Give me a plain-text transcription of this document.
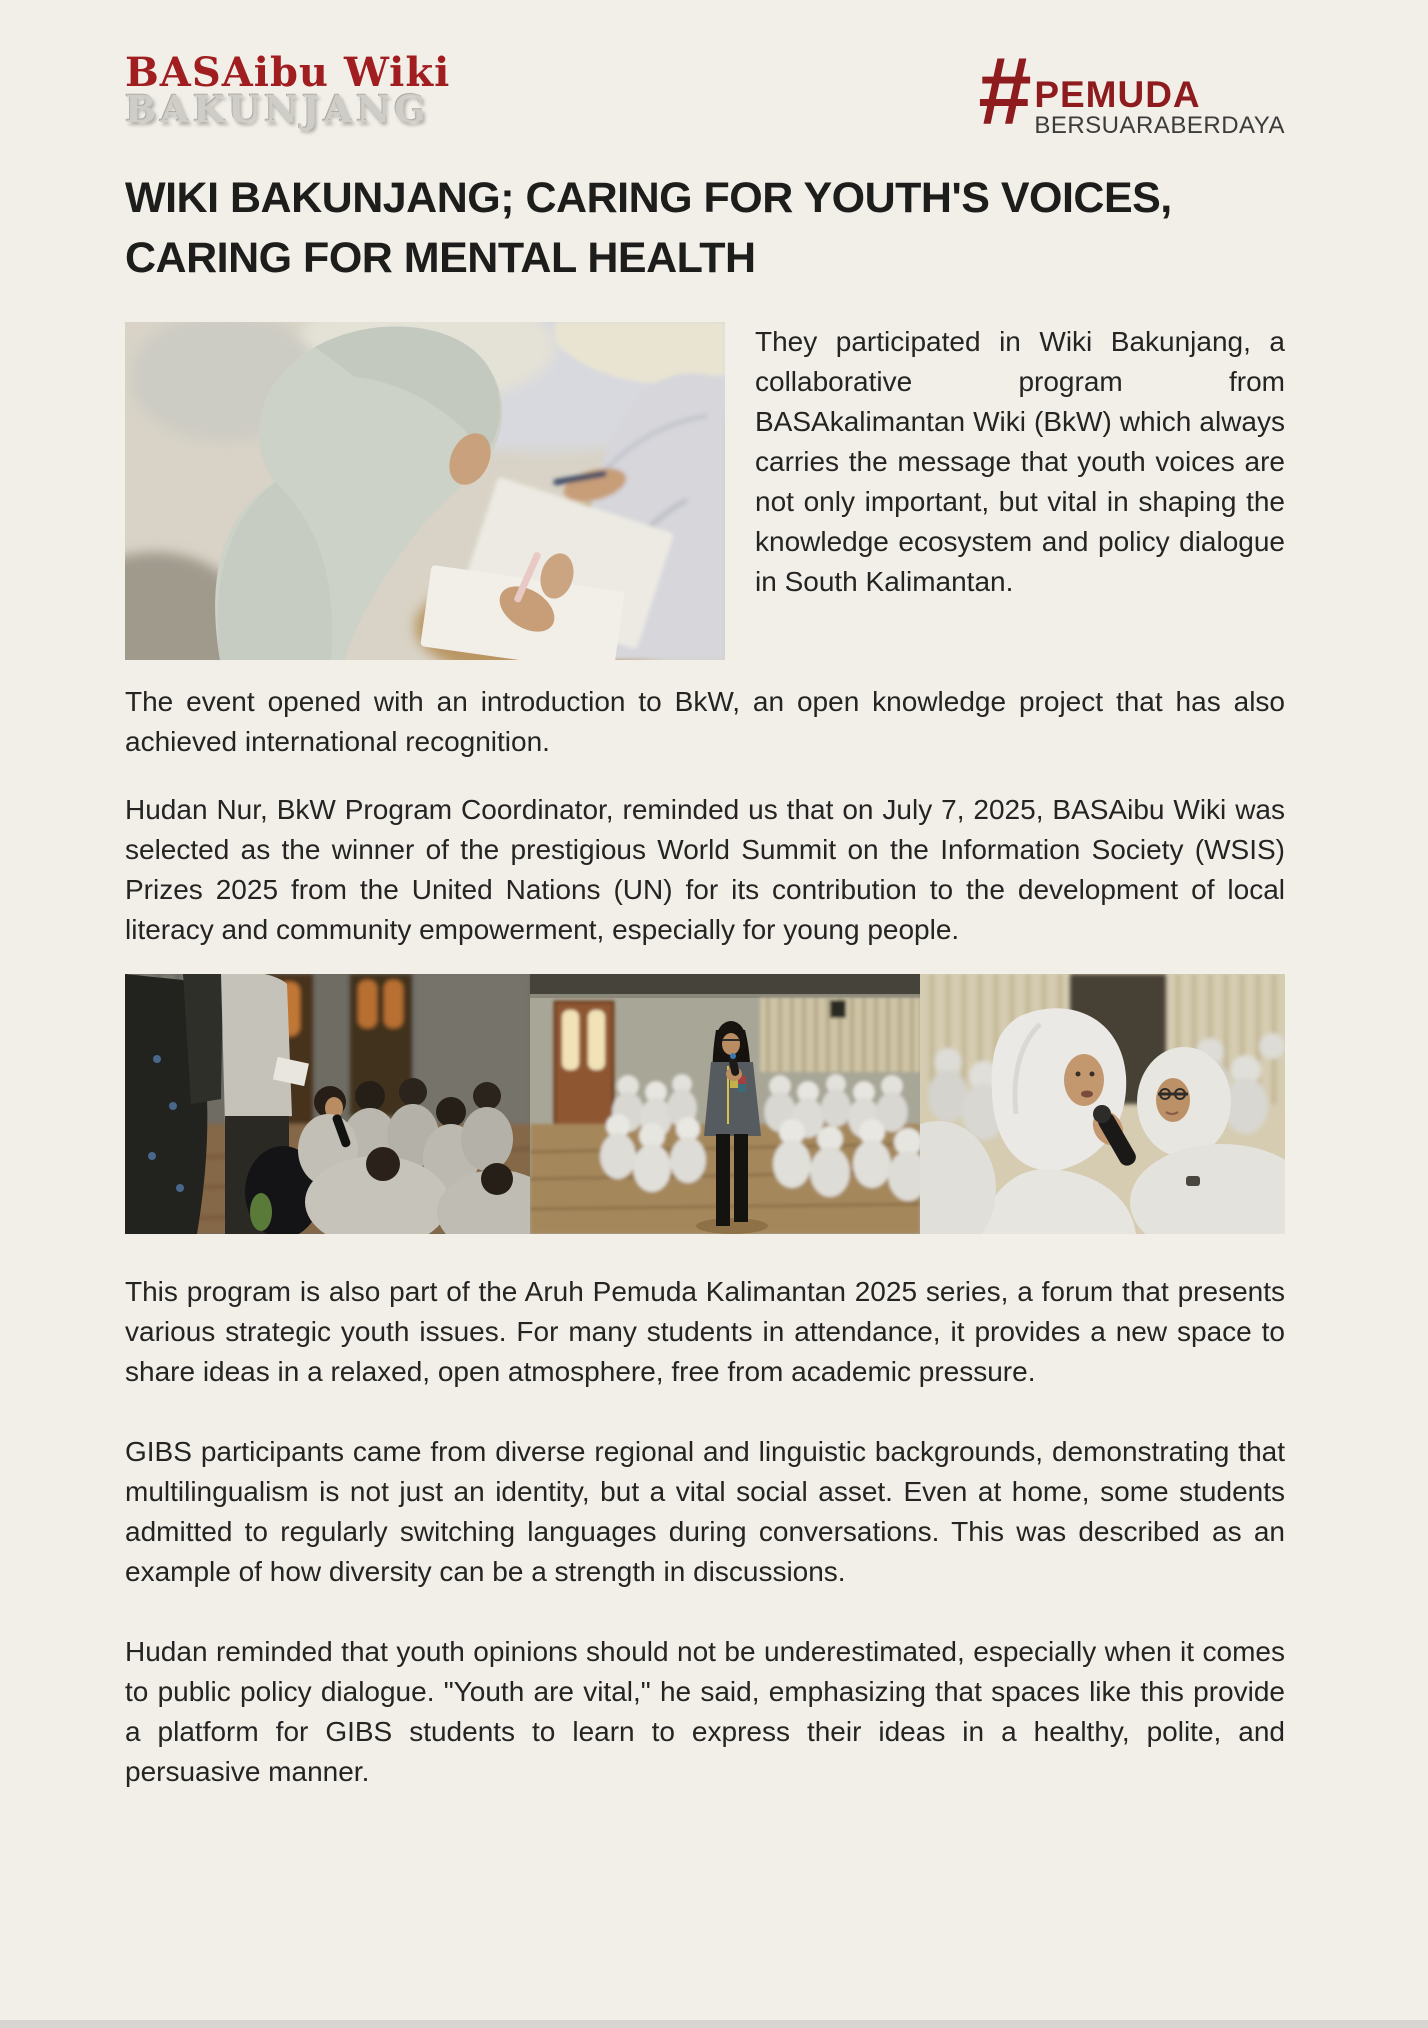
BASAibu Wiki
BAKUNJANG	# PEMUDA
BERSUARABERDAYA
WIKI BAKUNJANG; CARING FOR YOUTH'S VOICES,
CARING FOR MENTAL HEALTH

They participated in Wiki Bakunjang, a collaborative program from BASAkalimantan Wiki (BkW) which always carries the message that youth voices are not only important, but vital in shaping the knowledge ecosystem and policy dialogue in South Kalimantan.

The event opened with an introduction to BkW, an open knowledge project that has also achieved international recognition.

Hudan Nur, BkW Program Coordinator, reminded us that on July 7, 2025, BASAibu Wiki was selected as the winner of the prestigious World Summit on the Information Society (WSIS) Prizes 2025 from the United Nations (UN) for its contribution to the development of local literacy and community empowerment, especially for young people.

This program is also part of the Aruh Pemuda Kalimantan 2025 series, a forum that presents various strategic youth issues. For many students in attendance, it provides a new space to share ideas in a relaxed, open atmosphere, free from academic pressure.

GIBS participants came from diverse regional and linguistic backgrounds, demonstrating that multilingualism is not just an identity, but a vital social asset. Even at home, some students admitted to regularly switching languages during conversations. This was described as an example of how diversity can be a strength in discussions.

Hudan reminded that youth opinions should not be underestimated, especially when it comes to public policy dialogue. "Youth are vital," he said, emphasizing that spaces like this provide a platform for GIBS students to learn to express their ideas in a healthy, polite, and persuasive manner.
